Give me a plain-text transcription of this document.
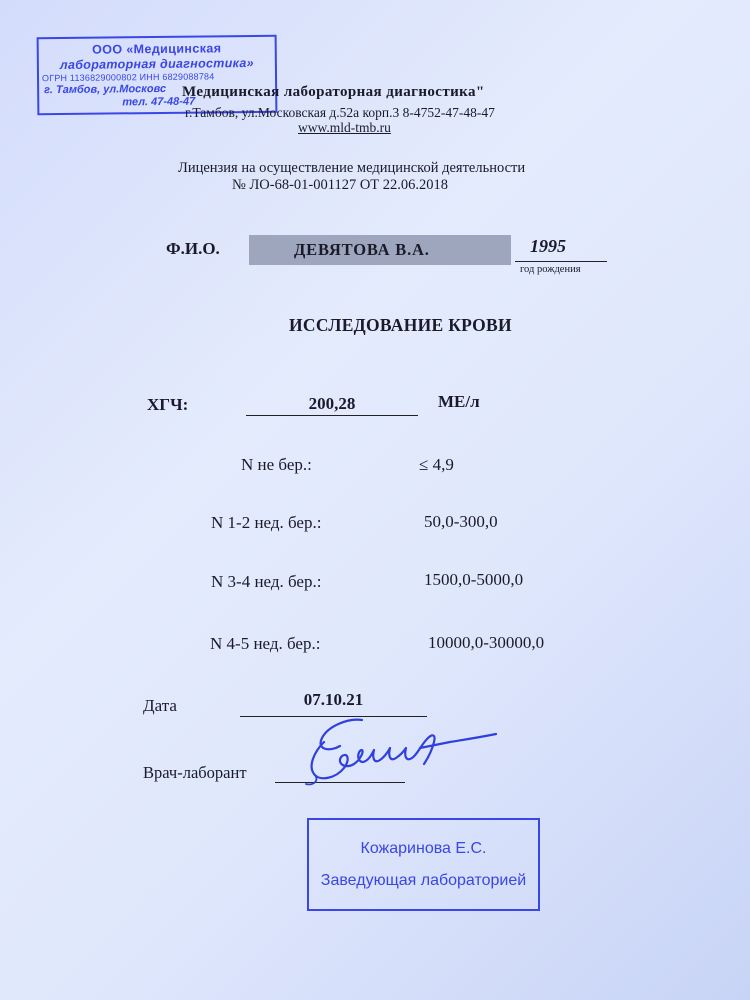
ООО «Медицинская
лабораторная диагностика»
ОГРН 1136829000802 ИНН 6829088784
г. Тамбов, ул.Московс
тел. 47-48-47
Медицинская лабораторная диагностика"
г.Тамбов, ул.Московская д.52а корп.3 8-4752-47-48-47
www.mld-tmb.ru
Лицензия на осуществление медицинской деятельности
№ ЛО-68-01-001127 ОТ 22.06.2018
Ф.И.О.	ДЕВЯТОВА В.А.	1995
год рождения
ИССЛЕДОВАНИЕ КРОВИ
ХГЧ:	200,28	МЕ/л
N не бер.:	≤ 4,9
N 1-2 нед. бер.:	50,0-300,0
N 3-4 нед. бер.:	1500,0-5000,0
N 4-5 нед. бер.:	10000,0-30000,0
Дата	07.10.21
Врач-лаборант
Кожаринова Е.С.
Заведующая лабораторией
